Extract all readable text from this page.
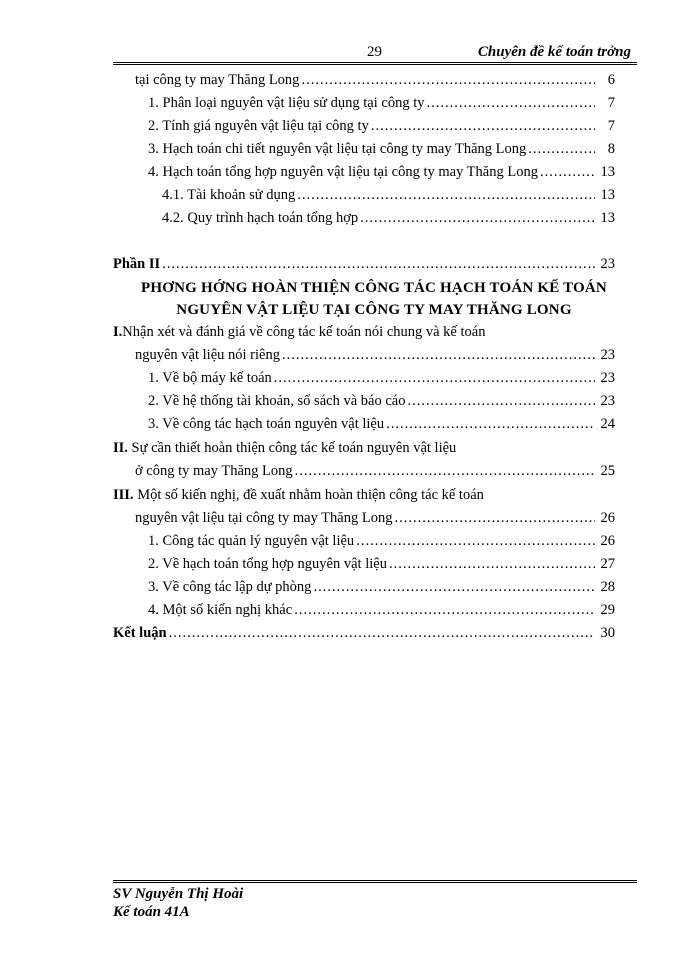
29	Chuyên đề kế toán trởng
tại công ty may Thăng Long .....	6
1. Phân loại nguyên vật liệu sử dụng tại công ty .....	7
2. Tính giá nguyên vật liệu tại công ty .....	7
3. Hạch toán chi tiết nguyên vật liệu tại công ty may Thăng Long .....	8
4. Hạch toán tổng hợp nguyên vật liệu tại công ty may Thăng Long .....	13
4.1. Tài khoản sử dụng .....	13
4.2. Quy trình hạch toán tổng hợp .....	13
Phần II .....	23
PHƠNG HỚNG HOÀN THIỆN CÔNG TÁC HẠCH TOÁN KẾ TOÁN
NGUYÊN VẬT LIỆU TẠI CÔNG TY MAY THĂNG LONG
I.Nhận xét và đánh giá về công tác kế toán nói chung và kế toán
nguyên vật liệu nói riêng .....	23
1. Về bộ máy kế toán .....	23
2. Về hệ thống tài khoản, sổ sách và báo cáo .....	23
3. Về công tác hạch toán nguyên vật liệu .....	24
II. Sự cần thiết hoàn thiện công tác kế toán nguyên vật liệu
ở công ty may Thăng Long .....	25
III. Một số kiến nghị, đề xuất nhằm hoàn thiện công tác kế toán
nguyên vật liệu tại công ty may Thăng Long .....	26
1. Công tác quản lý nguyên vật liệu .....	26
2. Về hạch toán tổng hợp nguyên vật liệu .....	27
3. Về công tác lập dự phòng .....	28
4. Một số kiến nghị khác .....	29
Kết luận .....	30
SV Nguyễn Thị Hoài
Kế toán 41A
